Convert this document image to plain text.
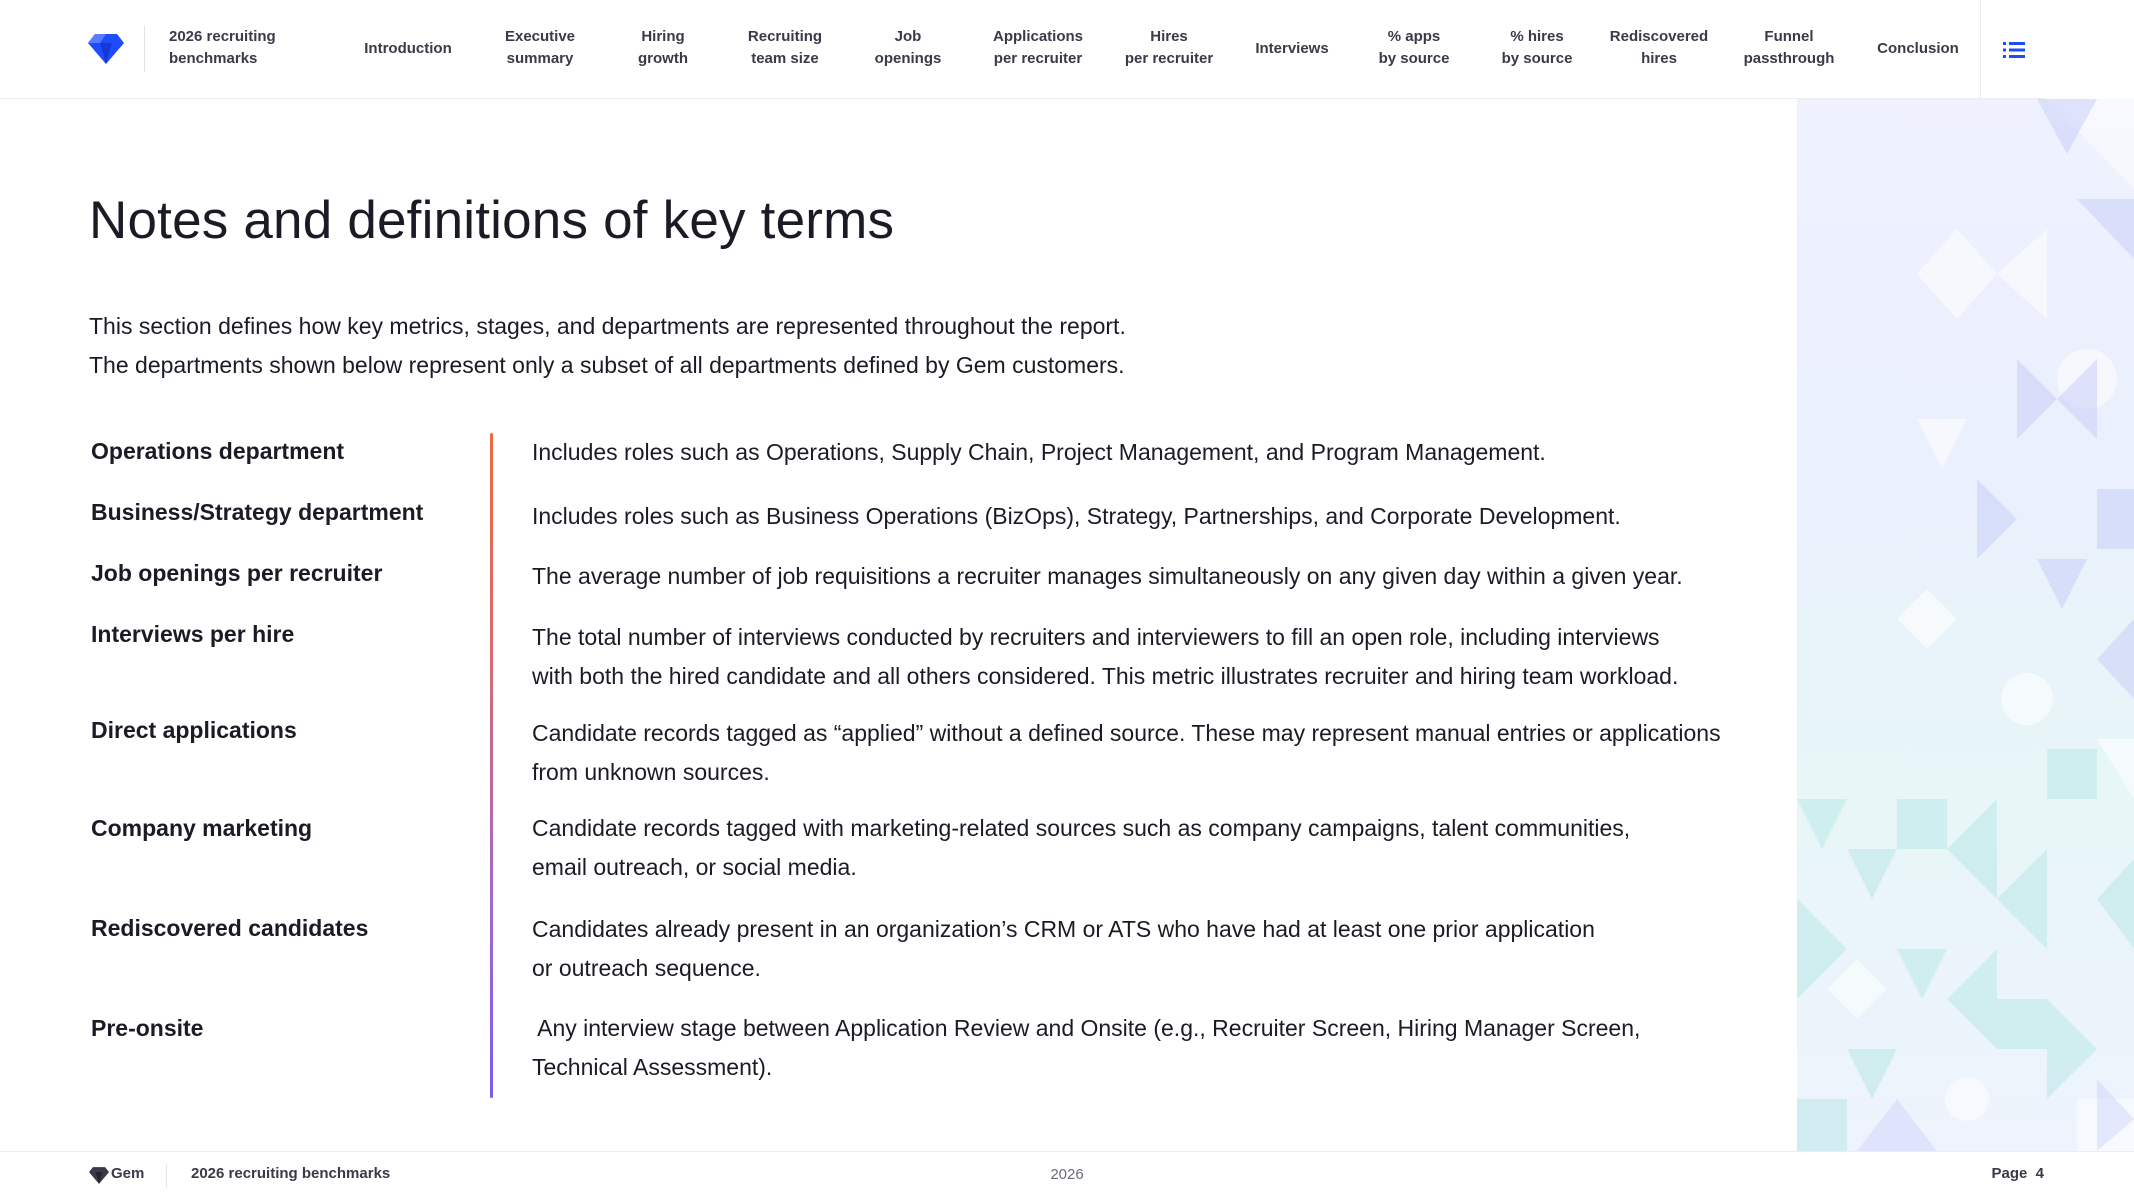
2026 recruiting
benchmarks
Introduction
Executive
summary
Hiring
growth
Recruiting
team size
Job
openings
Applications
per recruiter
Hires
per recruiter
Interviews
% apps
by source
% hires
by source
Rediscovered
hires
Funnel
passthrough
Conclusion
Notes and definitions of key terms

This section defines how key metrics, stages, and departments are represented throughout the report.

The departments shown below represent only a subset of all departments defined by Gem customers.

Operations department	Includes roles such as Operations, Supply Chain, Project Management, and Program Management.
Business/Strategy department	Includes roles such as Business Operations (BizOps), Strategy, Partnerships, and Corporate Development.
Job openings per recruiter	The average number of job requisitions a recruiter manages simultaneously on any given day within a given year.
Interviews per hire	The total number of interviews conducted by recruiters and interviewers to fill an open role, including interviews
with both the hired candidate and all others considered. This metric illustrates recruiter and hiring team workload.
Direct applications	Candidate records tagged as “applied” without a defined source. These may represent manual entries or applications
from unknown sources.
Company marketing	Candidate records tagged with marketing-related sources such as company campaigns, talent communities,
email outreach, or social media.
Rediscovered candidates	Candidates already present in an organization’s CRM or ATS who have had at least one prior application
or outreach sequence.
Pre-onsite	Any interview stage between Application Review and Onsite (e.g., Recruiter Screen, Hiring Manager Screen,
Technical Assessment).
Gem	2026 recruiting benchmarks	2026	Page  4
